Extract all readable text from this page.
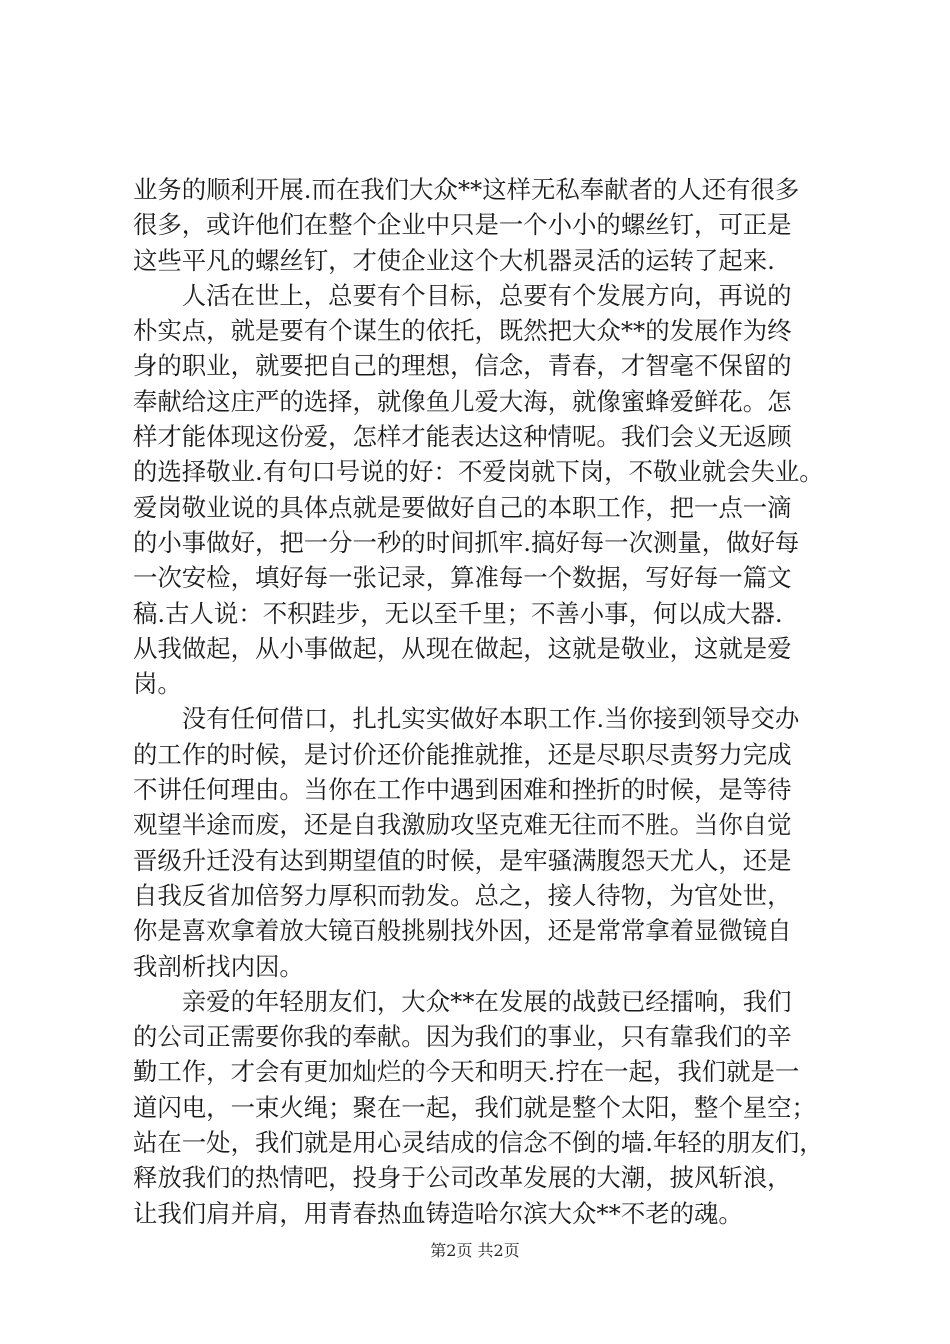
业务的顺利开展.而在我们大众**这样无私奉献者的人还有很多
很多，或许他们在整个企业中只是一个小小的螺丝钉，可正是
这些平凡的螺丝钉，才使企业这个大机器灵活的运转了起来.
　　人活在世上，总要有个目标，总要有个发展方向，再说的
朴实点，就是要有个谋生的依托，既然把大众**的发展作为终
身的职业，就要把自己的理想，信念，青春，才智毫不保留的
奉献给这庄严的选择，就像鱼儿爱大海，就像蜜蜂爱鲜花。怎
样才能体现这份爱，怎样才能表达这种情呢。我们会义无返顾
的选择敬业.有句口号说的好：不爱岗就下岗，不敬业就会失业。
爱岗敬业说的具体点就是要做好自己的本职工作，把一点一滴
的小事做好，把一分一秒的时间抓牢.搞好每一次测量，做好每
一次安检，填好每一张记录，算准每一个数据，写好每一篇文
稿.古人说：不积跬步，无以至千里；不善小事，何以成大器.
从我做起，从小事做起，从现在做起，这就是敬业，这就是爱
岗。
　　没有任何借口，扎扎实实做好本职工作.当你接到领导交办
的工作的时候，是讨价还价能推就推，还是尽职尽责努力完成
不讲任何理由。当你在工作中遇到困难和挫折的时候，是等待
观望半途而废，还是自我激励攻坚克难无往而不胜。当你自觉
晋级升迁没有达到期望值的时候，是牢骚满腹怨天尤人，还是
自我反省加倍努力厚积而勃发。总之，接人待物，为官处世，
你是喜欢拿着放大镜百般挑剔找外因，还是常常拿着显微镜自
我剖析找内因。
　　亲爱的年轻朋友们，大众**在发展的战鼓已经擂响，我们
的公司正需要你我的奉献。因为我们的事业，只有靠我们的辛
勤工作，才会有更加灿烂的今天和明天.拧在一起，我们就是一
道闪电，一束火绳；聚在一起，我们就是整个太阳，整个星空；
站在一处，我们就是用心灵结成的信念不倒的墙.年轻的朋友们，
释放我们的热情吧，投身于公司改革发展的大潮，披风斩浪，
让我们肩并肩，用青春热血铸造哈尔滨大众**不老的魂。
第2页 共2页
